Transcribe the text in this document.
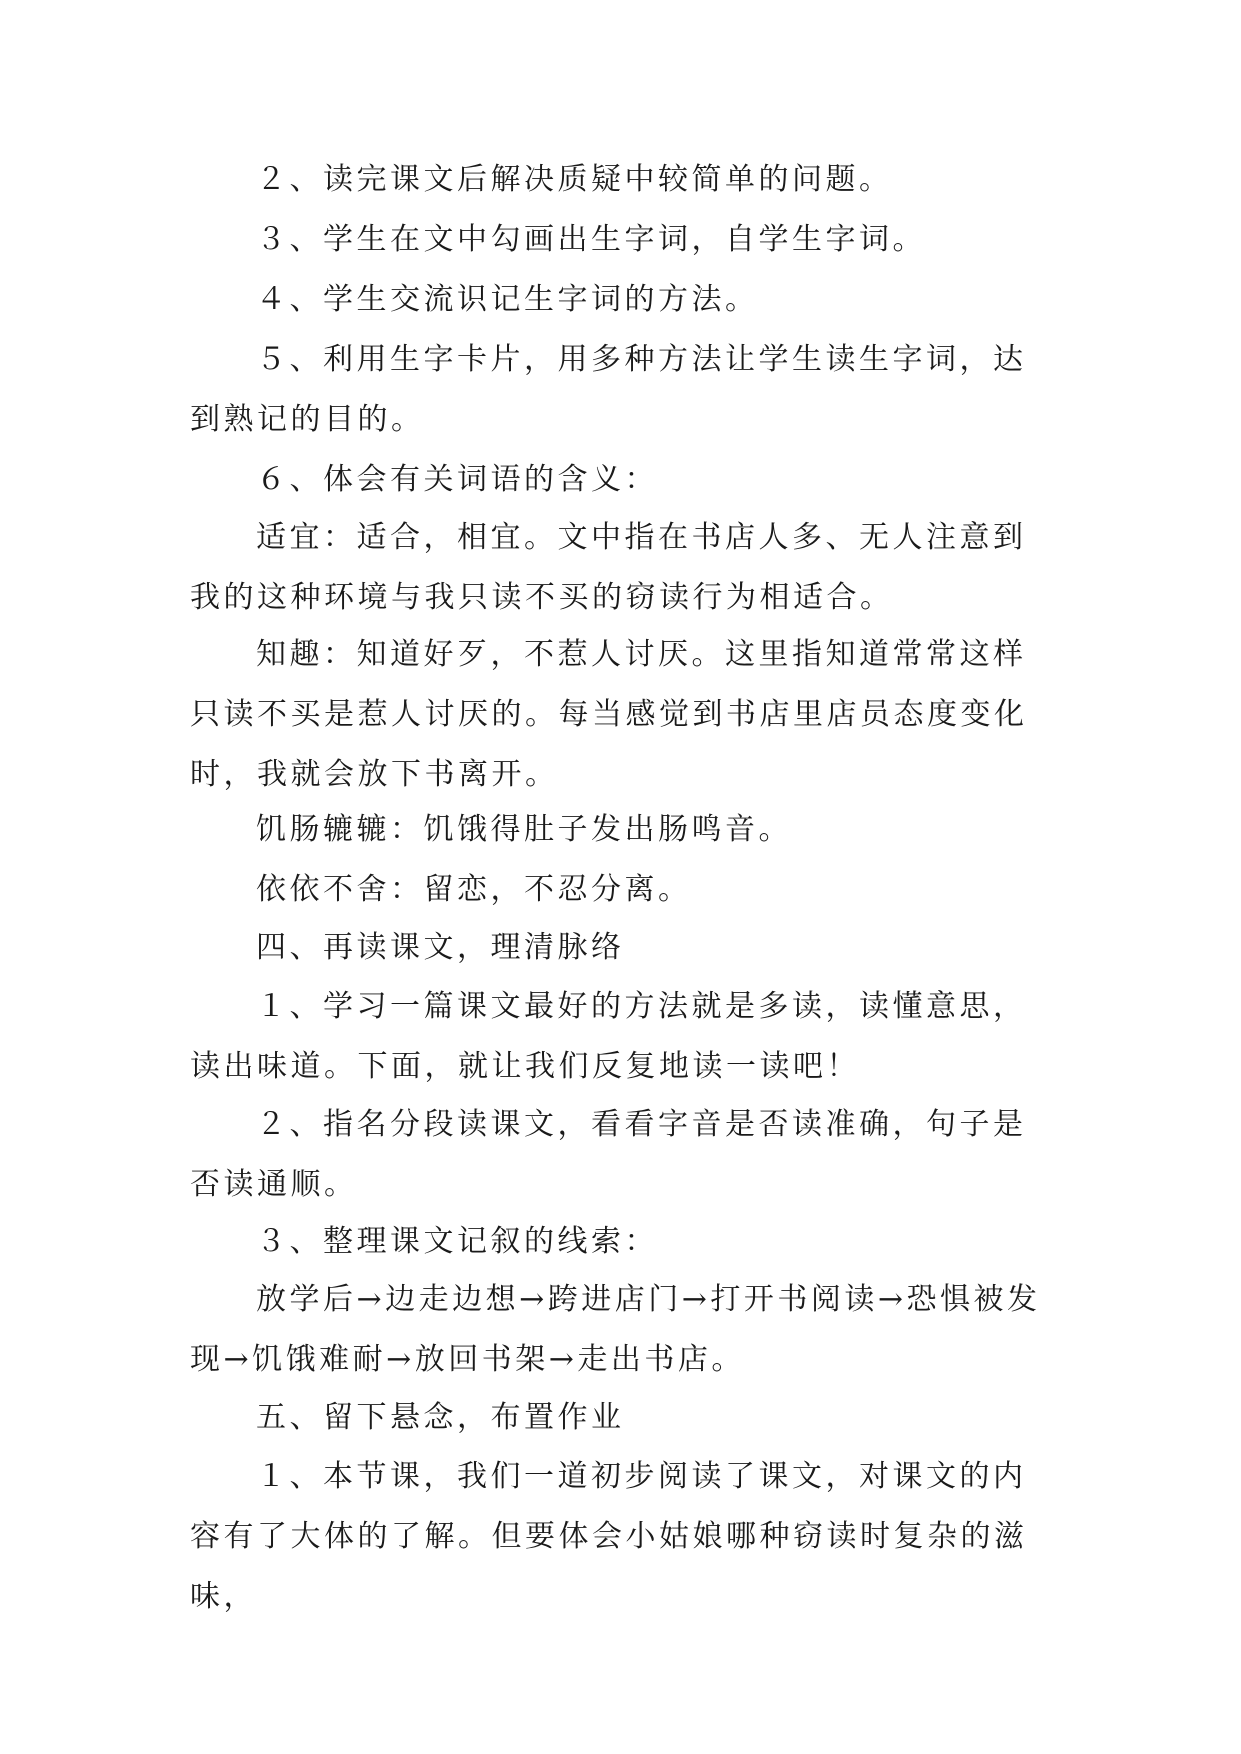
２、读完课文后解决质疑中较简单的问题。

３、学生在文中勾画出生字词，自学生字词。

４、学生交流识记生字词的方法。

５、利用生字卡片，用多种方法让学生读生字词，达到熟记的目的。

６、体会有关词语的含义：

适宜：适合，相宜。文中指在书店人多、无人注意到我的这种环境与我只读不买的窃读行为相适合。

知趣：知道好歹，不惹人讨厌。这里指知道常常这样只读不买是惹人讨厌的。每当感觉到书店里店员态度变化时，我就会放下书离开。

饥肠辘辘：饥饿得肚子发出肠鸣音。

依依不舍：留恋，不忍分离。

四、再读课文，理清脉络

１、学习一篇课文最好的方法就是多读，读懂意思，读出味道。下面，就让我们反复地读一读吧！

２、指名分段读课文，看看字音是否读准确，句子是否读通顺。

３、整理课文记叙的线索：

放学后→边走边想→跨进店门→打开书阅读→恐惧被发现→饥饿难耐→放回书架→走出书店。

五、留下悬念，布置作业

１、本节课，我们一道初步阅读了课文，对课文的内容有了大体的了解。但要体会小姑娘哪种窃读时复杂的滋味，
